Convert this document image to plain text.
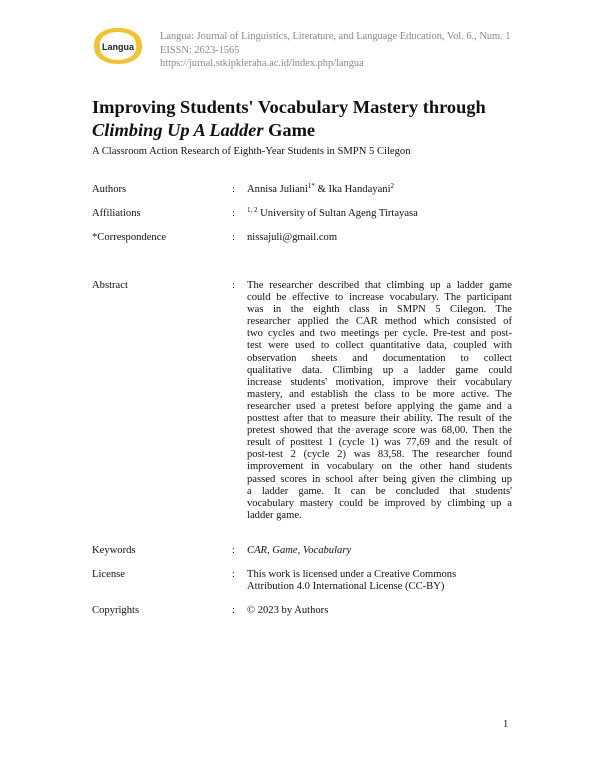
Langua
Langua: Journal of Linguistics, Literature, and Language Education, Vol. 6., Num. 1
EISSN: 2623-1565
https://jurnal.stkipkieraha.ac.id/index.php/langua
Improving Students' Vocabulary Mastery through
Climbing Up A Ladder Game
A Classroom Action Research of Eighth-Year Students in SMPN 5 Cilegon
Authors	: Annisa Juliani$^{1*}$ & Ika Handayani$^2$
Affiliations	: $^{1, 2}$ University of Sultan Ageng Tirtayasa
*Correspondence	: nissajuli@gmail.com
Abstract	: The researcher described that climbing up a ladder game
could be effective to increase vocabulary. The participant
was in the eighth class in SMPN 5 Cilegon. The
researcher applied the CAR method which consisted of
two cycles and two meetings per cycle. Pre-test and post-
test were used to collect quantitative data, coupled with
observation sheets and documentation to collect
qualitative data. Climbing up a ladder game could
increase students' motivation, improve their vocabulary
mastery, and establish the class to be more active. The
researcher used a pretest before applying the game and a
posttest after that to measure their ability. The result of the
pretest showed that the average score was 68,00. Then the
result of posttest 1 (cycle 1) was 77,69 and the result of
post-test 2 (cycle 2) was 83,58. The researcher found
improvement in vocabulary on the other hand students
passed scores in school after being given the climbing up
a ladder game. It can be concluded that students'
vocabulary mastery could be improved by climbing up a
ladder game.
Keywords	: CAR, Game, Vocabulary
License	: This work is licensed under a Creative Commons
Attribution 4.0 International License (CC-BY)
Copyrights	: © 2023 by Authors
1
